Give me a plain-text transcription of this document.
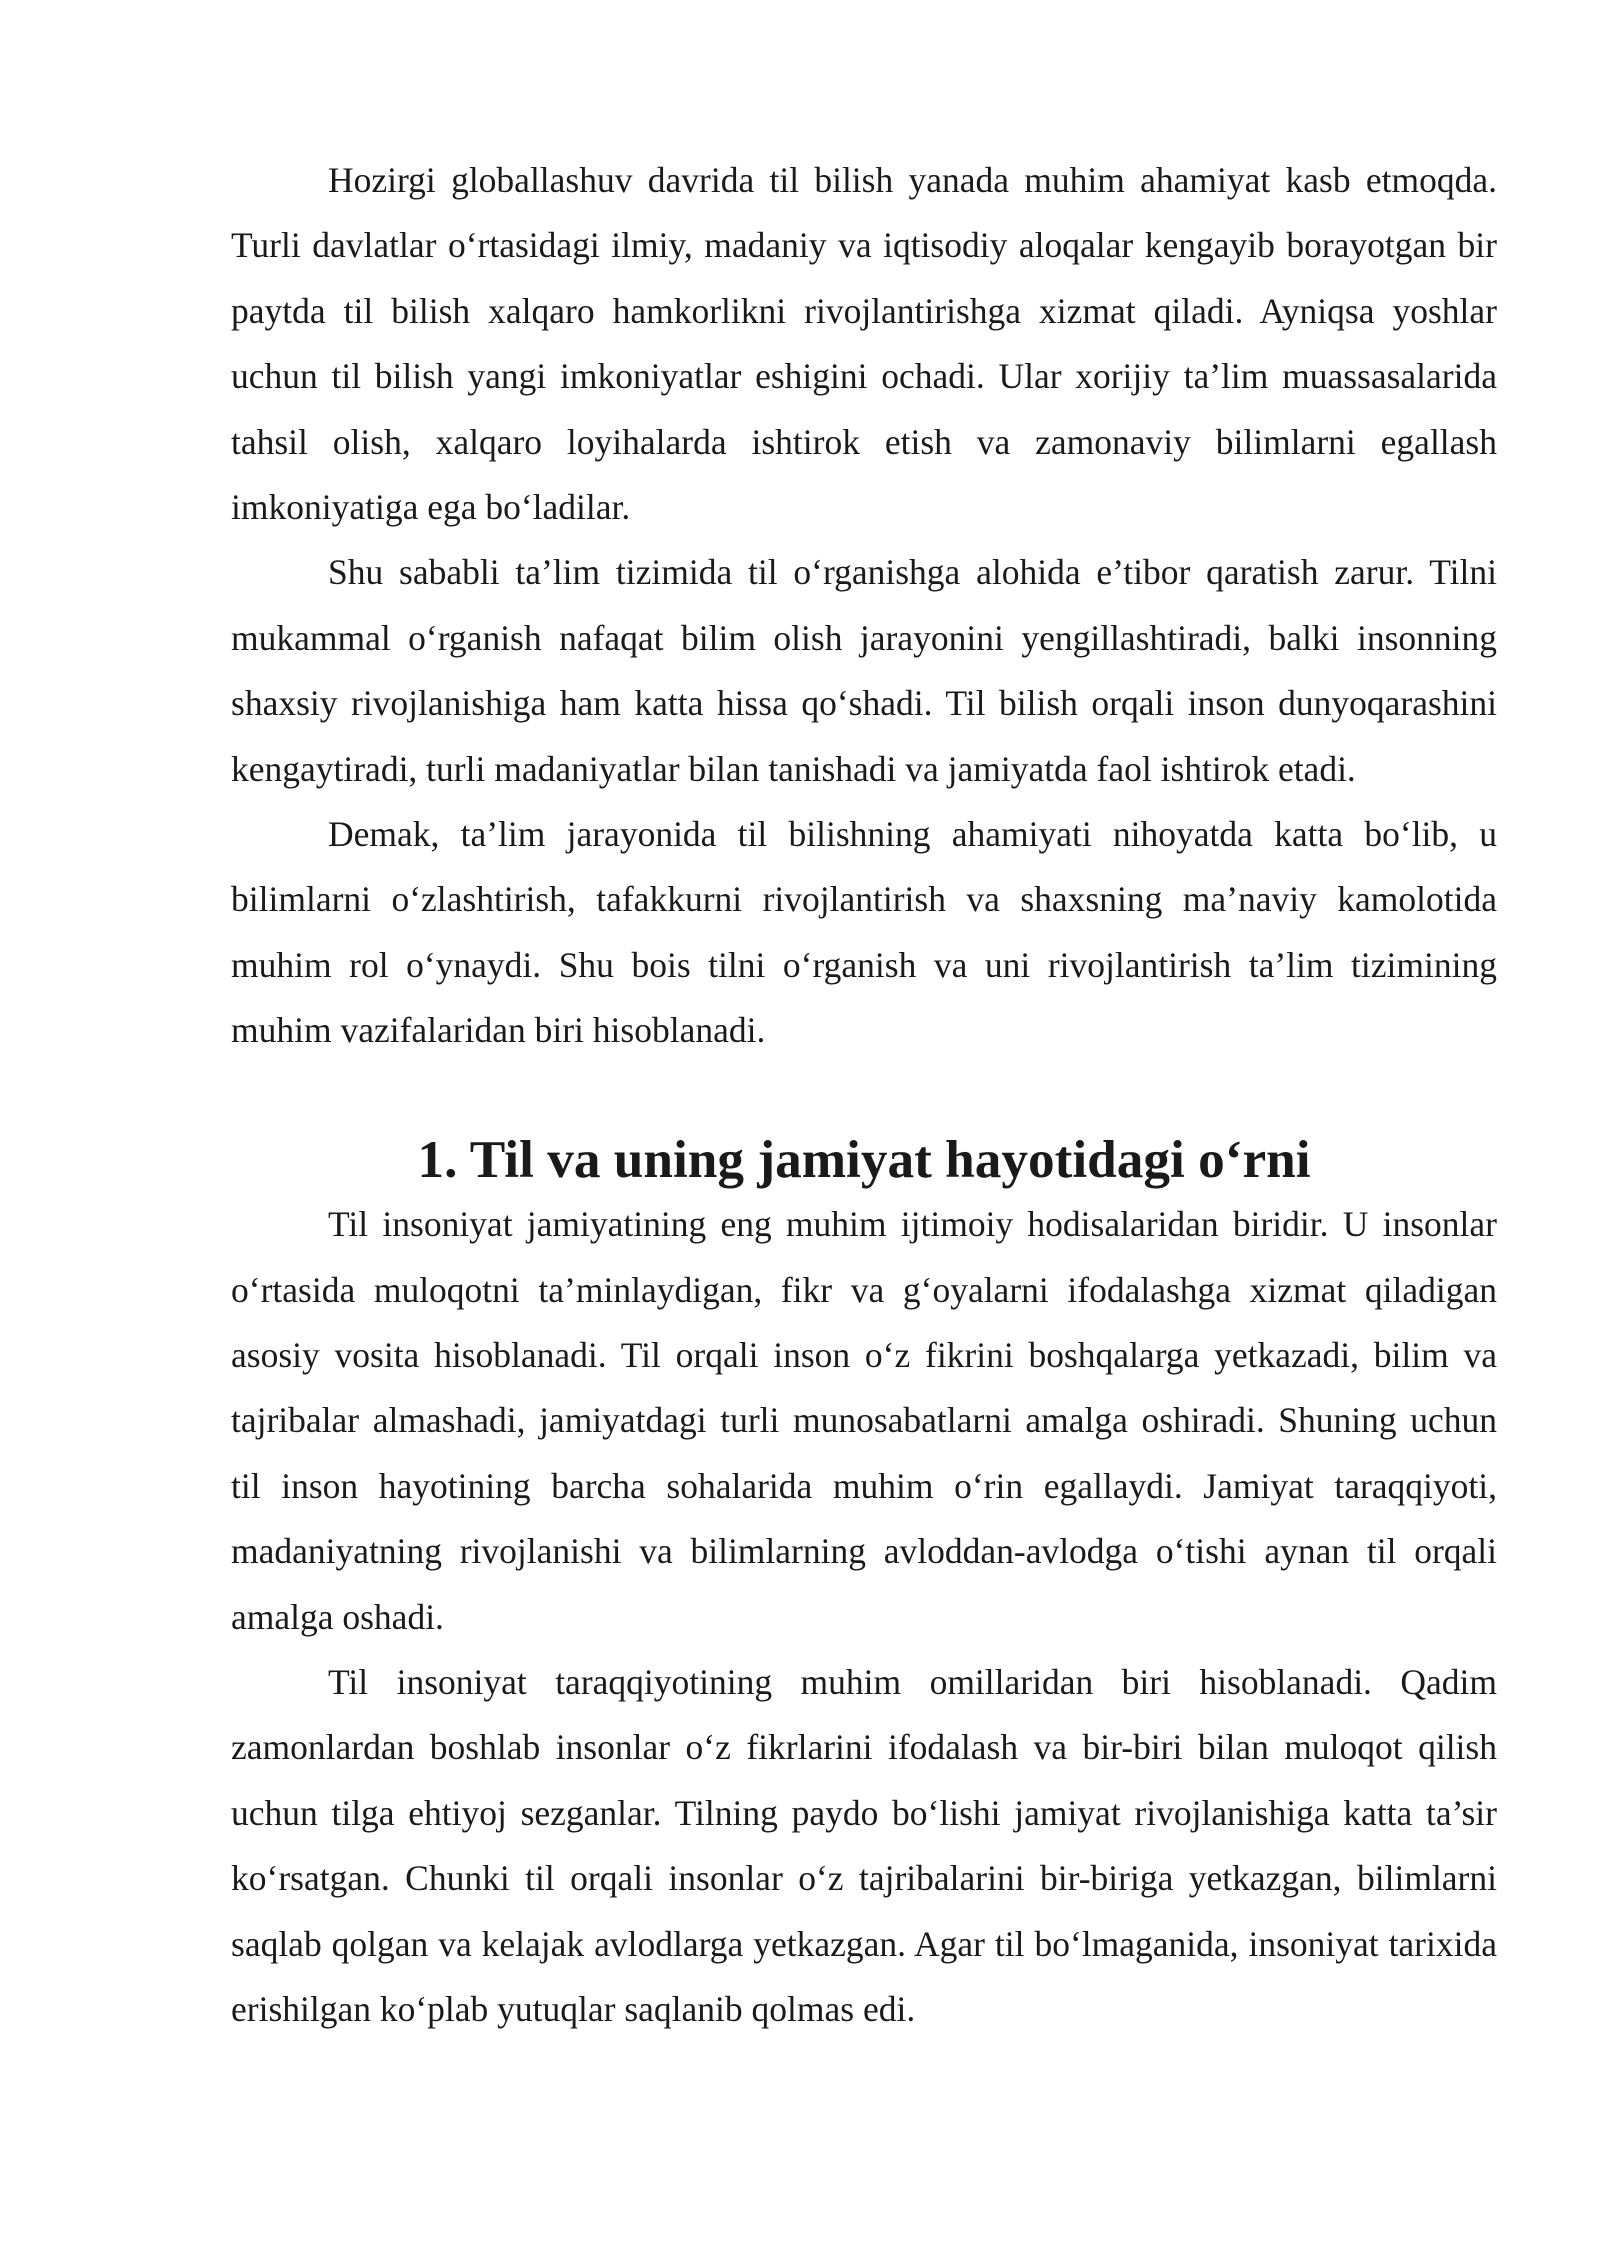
Hozirgi globallashuv davrida til bilish yanada muhim ahamiyat kasb etmoqda. Turli davlatlar o‘rtasidagi ilmiy, madaniy va iqtisodiy aloqalar kengayib borayotgan bir paytda til bilish xalqaro hamkorlikni rivojlantirishga xizmat qiladi. Ayniqsa yoshlar uchun til bilish yangi imkoniyatlar eshigini ochadi. Ular xorijiy ta’lim muassasalarida tahsil olish, xalqaro loyihalarda ishtirok etish va zamonaviy bilimlarni egallash imkoniyatiga ega bo‘ladilar.

Shu sababli ta’lim tizimida til o‘rganishga alohida e’tibor qaratish zarur. Tilni mukammal o‘rganish nafaqat bilim olish jarayonini yengillashtiradi, balki insonning shaxsiy rivojlanishiga ham katta hissa qo‘shadi. Til bilish orqali inson dunyoqarashini kengaytiradi, turli madaniyatlar bilan tanishadi va jamiyatda faol ishtirok etadi.

Demak, ta’lim jarayonida til bilishning ahamiyati nihoyatda katta bo‘lib, u bilimlarni o‘zlashtirish, tafakkurni rivojlantirish va shaxsning ma’naviy kamolotida muhim rol o‘ynaydi. Shu bois tilni o‘rganish va uni rivojlantirish ta’lim tizimining muhim vazifalaridan biri hisoblanadi.

1. Til va uning jamiyat hayotidagi o‘rni

Til insoniyat jamiyatining eng muhim ijtimoiy hodisalaridan biridir. U insonlar o‘rtasida muloqotni ta’minlaydigan, fikr va g‘oyalarni ifodalashga xizmat qiladigan asosiy vosita hisoblanadi. Til orqali inson o‘z fikrini boshqalarga yetkazadi, bilim va tajribalar almashadi, jamiyatdagi turli munosabatlarni amalga oshiradi. Shuning uchun til inson hayotining barcha sohalarida muhim o‘rin egallaydi. Jamiyat taraqqiyoti, madaniyatning rivojlanishi va bilimlarning avloddan-avlodga o‘tishi aynan til orqali amalga oshadi.

Til insoniyat taraqqiyotining muhim omillaridan biri hisoblanadi. Qadim zamonlardan boshlab insonlar o‘z fikrlarini ifodalash va bir-biri bilan muloqot qilish uchun tilga ehtiyoj sezganlar. Tilning paydo bo‘lishi jamiyat rivojlanishiga katta ta’sir ko‘rsatgan. Chunki til orqali insonlar o‘z tajribalarini bir-biriga yetkazgan, bilimlarni saqlab qolgan va kelajak avlodlarga yetkazgan. Agar til bo‘lmaganida, insoniyat tarixida erishilgan ko‘plab yutuqlar saqlanib qolmas edi.
